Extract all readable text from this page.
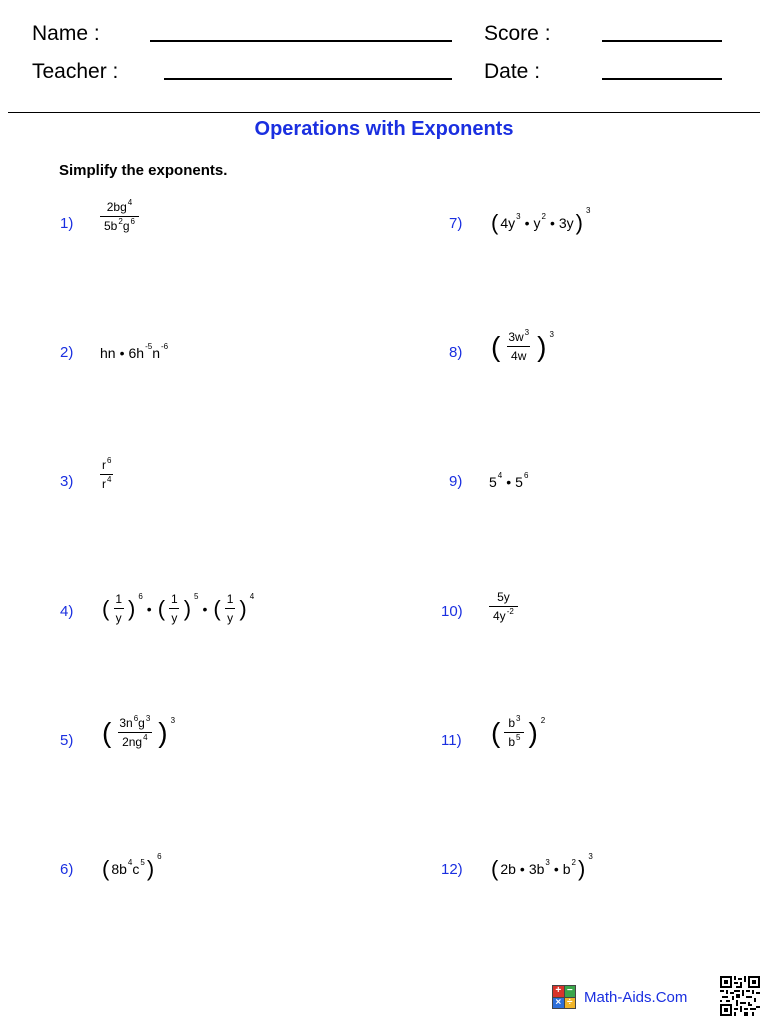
Name :
Teacher :
Score :
Date :
Operations with Exponents
Simplify the exponents.
1)
2)
3)
4)
5)
6)
7)
8)
9)
10)
11)
12)
$\frac{2bg^4}{5b^2g^6}$
hn • $6h^{-5}$ $n^{-6}$
$\frac{r^6}{r^4}$
( $\frac{1}{y}$ ) 6
• ( $\frac{1}{y}$ ) 5
• ( $\frac{1}{y}$ ) 4
( $\frac{3n^6g^3}{2ng^4}$ ) 3
( $8b^4$ $c^5$ ) 6
( $4y^3$ • $y^2$ • 3y ) 3
( $\frac{3w^3}{4w}$ ) 3
$5^4$ • $5^6$
$\frac{5y}{4y^{-2}}$
( $\frac{b^3}{b^5}$ ) 2
( 2b • $3b^3$ • $b^2$ ) 3
+ −
× ÷ Math-Aids.Com
